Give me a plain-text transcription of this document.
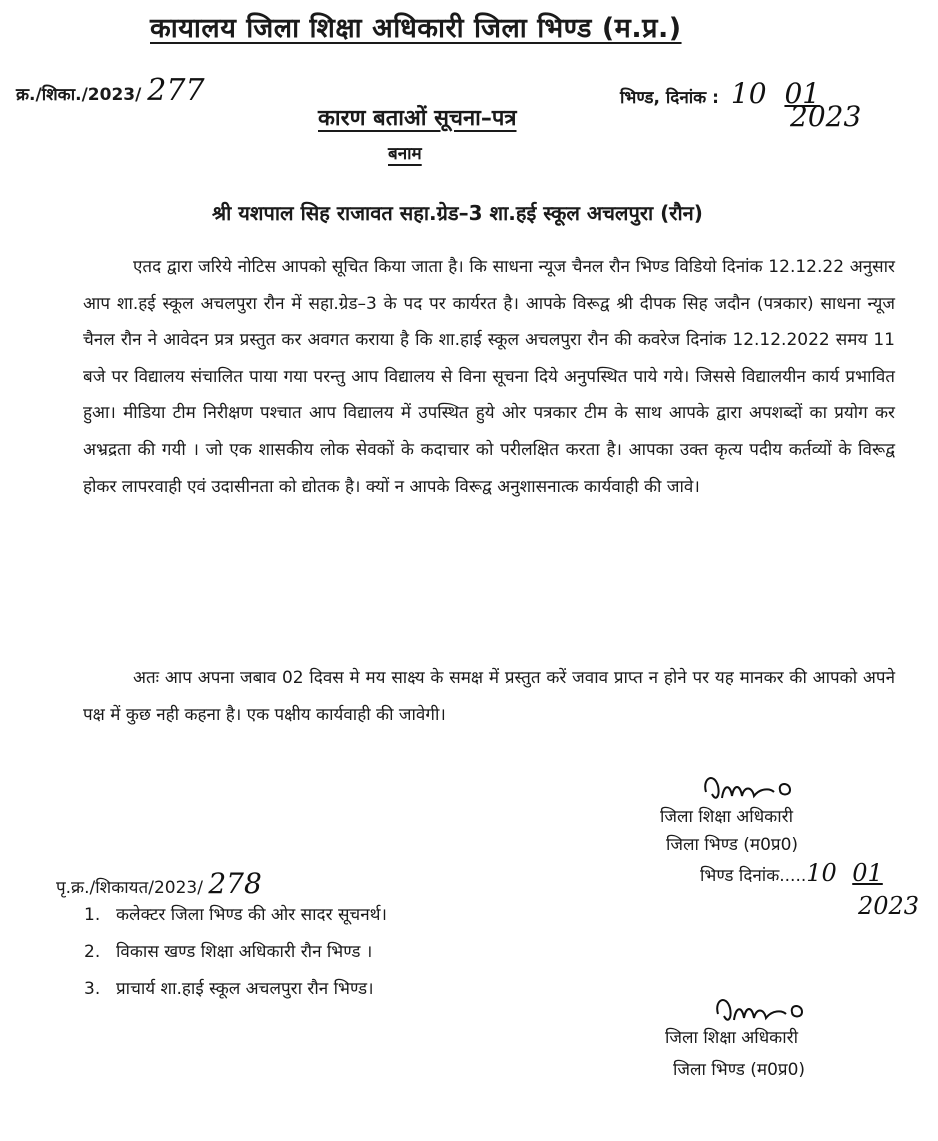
कायालय जिला शिक्षा अधिकारी जिला भिण्ड (म.प्र.)
क्र./शिका./2023/ 277	भिण्ड, दिनांक : 10 01
2023
कारण बताओं सूचना–पत्र
बनाम
श्री यशपाल सिह राजावत सहा.ग्रेड–3 शा.हई स्कूल अचलपुरा (रौन)

एतद द्वारा जरिये नोटिस आपको सूचित किया जाता है। कि साधना न्यूज चैनल रौन भिण्ड विडियो दिनांक 12.12.22 अनुसार आप शा.हई स्कूल अचलपुरा रौन में सहा.ग्रेड–3 के पद पर कार्यरत है। आपके विरूद्व श्री दीपक सिह जदौन (पत्रकार) साधना न्यूज चैनल रौन ने आवेदन प्रत्र प्रस्तुत कर अवगत कराया है कि शा.हाई स्कूल अचलपुरा रौन की कवरेज दिनांक 12.12.2022 समय 11 बजे पर विद्यालय संचालित पाया गया परन्तु आप विद्यालय से विना सूचना दिये अनुपस्थित पाये गये। जिससे विद्यालयीन कार्य प्रभावित हुआ। मीडिया टीम निरीक्षण पश्चात आप विद्यालय में उपस्थित हुये ओर पत्रकार टीम के साथ आपके द्वारा अपशब्दों का प्रयोग कर अभ्रद्रता की गयी । जो एक शासकीय लोक सेवकों के कदाचार को परीलक्षित करता है। आपका उक्त कृत्य पदीय कर्तव्यों के विरूद्व होकर लापरवाही एवं उदासीनता को द्योतक है। क्यों न आपके विरूद्व अनुशासनात्क कार्यवाही की जावे।

अतः आप अपना जबाव 02 दिवस मे मय साक्ष्य के समक्ष में प्रस्तुत करें जवाव प्राप्त न होने पर यह मानकर की आपको अपने पक्ष में कुछ नही कहना है। एक पक्षीय कार्यवाही की जावेगी।

जिला शिक्षा अधिकारी
जिला भिण्ड (म0प्र0)
भिण्ड दिनांक.....10 01
2023
पृ.क्र./शिकायत/2023/ 278
1. कलेक्टर जिला भिण्ड की ओर सादर सूचनर्थ।
2. विकास खण्ड शिक्षा अधिकारी रौन भिण्ड ।
3. प्राचार्य शा.हाई स्कूल अचलपुरा रौन भिण्ड।
जिला शिक्षा अधिकारी
जिला भिण्ड (म0प्र0)
